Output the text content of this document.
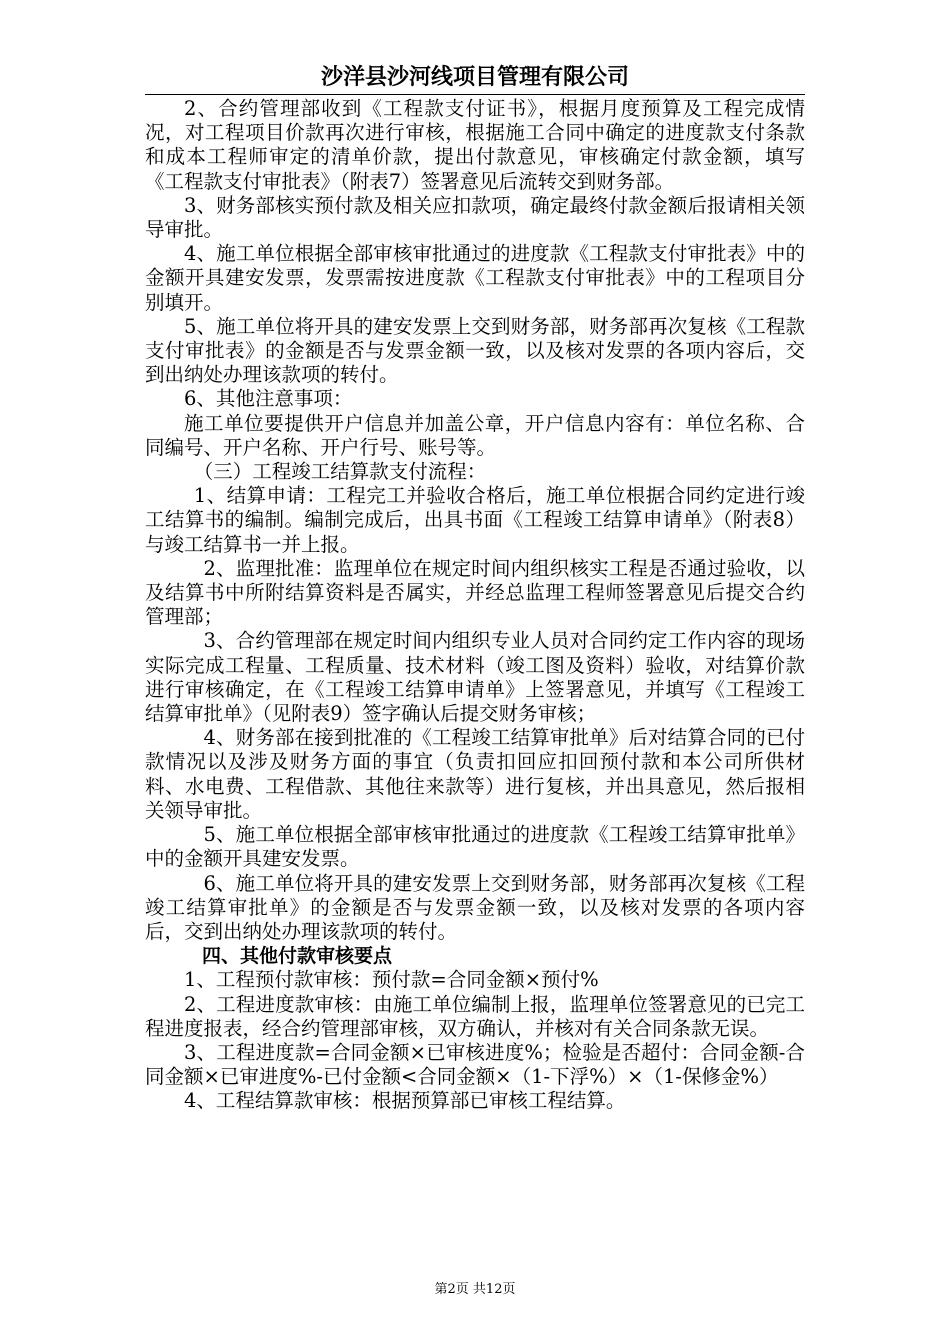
沙洋县沙河线项目管理有限公司

2、合约管理部收到《工程款支付证书》，根据月度预算及工程完成情况，对工程项目价款再次进行审核，根据施工合同中确定的进度款支付条款和成本工程师审定的清单价款，提出付款意见，审核确定付款金额，填写《工程款支付审批表》（附表7）签署意见后流转交到财务部。

3、财务部核实预付款及相关应扣款项，确定最终付款金额后报请相关领导审批。

4、施工单位根据全部审核审批通过的进度款《工程款支付审批表》中的金额开具建安发票，发票需按进度款《工程款支付审批表》中的工程项目分别填开。

5、施工单位将开具的建安发票上交到财务部，财务部再次复核《工程款支付审批表》的金额是否与发票金额一致，以及核对发票的各项内容后，交到出纳处办理该款项的转付。

6、其他注意事项：

施工单位要提供开户信息并加盖公章，开户信息内容有：单位名称、合同编号、开户名称、开户行号、账号等。

（三）工程竣工结算款支付流程：

1、结算申请：工程完工并验收合格后，施工单位根据合同约定进行竣工结算书的编制。编制完成后，出具书面《工程竣工结算申请单》（附表8）与竣工结算书一并上报。

2、监理批准：监理单位在规定时间内组织核实工程是否通过验收，以及结算书中所附结算资料是否属实，并经总监理工程师签署意见后提交合约管理部；

3、合约管理部在规定时间内组织专业人员对合同约定工作内容的现场实际完成工程量、工程质量、技术材料（竣工图及资料）验收，对结算价款进行审核确定，在《工程竣工结算申请单》上签署意见，并填写《工程竣工结算审批单》（见附表9）签字确认后提交财务审核；

4、财务部在接到批准的《工程竣工结算审批单》后对结算合同的已付款情况以及涉及财务方面的事宜（负责扣回应扣回预付款和本公司所供材料、水电费、工程借款、其他往来款等）进行复核，并出具意见，然后报相关领导审批。

5、施工单位根据全部审核审批通过的进度款《工程竣工结算审批单》中的金额开具建安发票。

6、施工单位将开具的建安发票上交到财务部，财务部再次复核《工程竣工结算审批单》的金额是否与发票金额一致，以及核对发票的各项内容后，交到出纳处办理该款项的转付。

四、其他付款审核要点

1、工程预付款审核：预付款=合同金额×预付%

2、工程进度款审核：由施工单位编制上报，监理单位签署意见的已完工程进度报表，经合约管理部审核，双方确认，并核对有关合同条款无误。

3、工程进度款=合同金额×已审核进度%；检验是否超付：合同金额-合同金额×已审进度%-已付金额<合同金额×（1-下浮%）×（1-保修金%）

4、工程结算款审核：根据预算部已审核工程结算。

第2页 共12页
